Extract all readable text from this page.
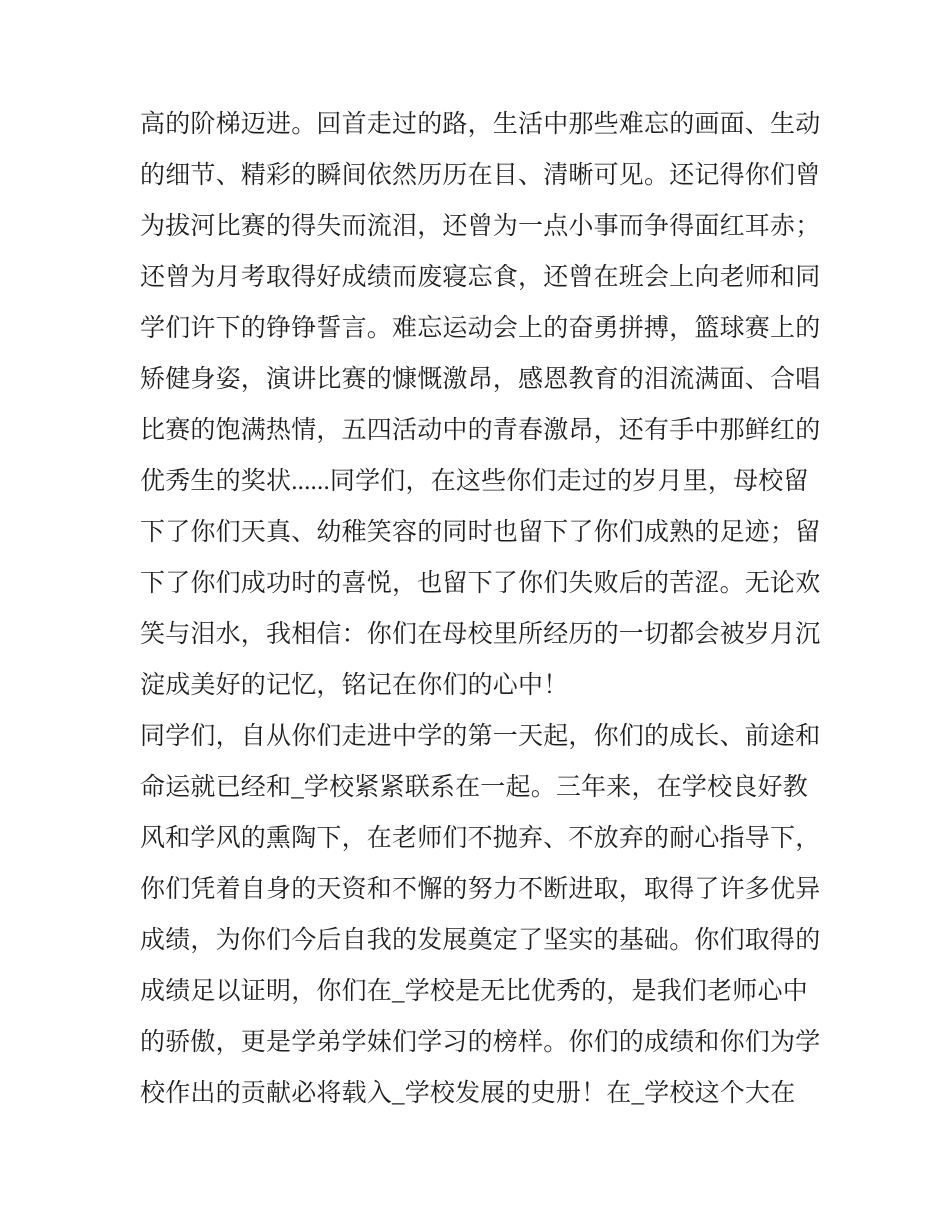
高的阶梯迈进。回首走过的路，生活中那些难忘的画面、生动
的细节、精彩的瞬间依然历历在目、清晰可见。还记得你们曾
为拔河比赛的得失而流泪，还曾为一点小事而争得面红耳赤；
还曾为月考取得好成绩而废寝忘食，还曾在班会上向老师和同
学们许下的铮铮誓言。难忘运动会上的奋勇拼搏，篮球赛上的
矫健身姿，演讲比赛的慷慨激昂，感恩教育的泪流满面、合唱
比赛的饱满热情，五四活动中的青春激昂，还有手中那鲜红的
优秀生的奖状......同学们，在这些你们走过的岁月里，母校留
下了你们天真、幼稚笑容的同时也留下了你们成熟的足迹；留
下了你们成功时的喜悦，也留下了你们失败后的苦涩。无论欢
笑与泪水，我相信：你们在母校里所经历的一切都会被岁月沉
淀成美好的记忆，铭记在你们的心中！
同学们，自从你们走进中学的第一天起，你们的成长、前途和
命运就已经和_学校紧紧联系在一起。三年来，在学校良好教
风和学风的熏陶下，在老师们不抛弃、不放弃的耐心指导下，
你们凭着自身的天资和不懈的努力不断进取，取得了许多优异
成绩，为你们今后自我的发展奠定了坚实的基础。你们取得的
成绩足以证明，你们在_学校是无比优秀的，是我们老师心中
的骄傲，更是学弟学妹们学习的榜样。你们的成绩和你们为学
校作出的贡献必将载入_学校发展的史册！在_学校这个大在
